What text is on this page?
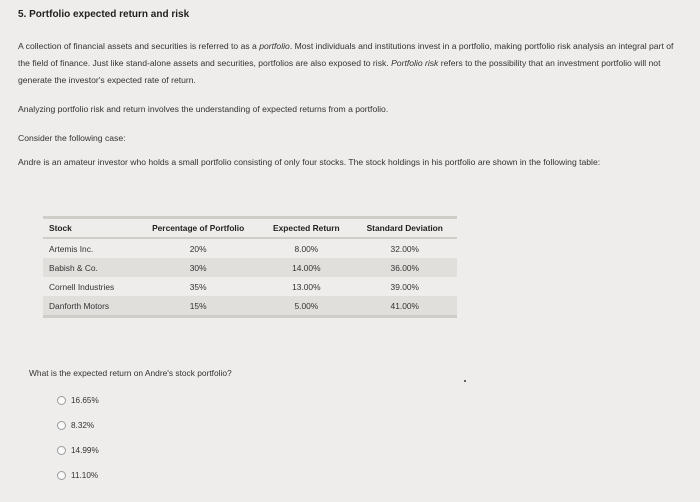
5. Portfolio expected return and risk
A collection of financial assets and securities is referred to as a portfolio. Most individuals and institutions invest in a portfolio, making portfolio risk analysis an integral part of the field of finance. Just like stand-alone assets and securities, portfolios are also exposed to risk. Portfolio risk refers to the possibility that an investment portfolio will not generate the investor's expected rate of return.
Analyzing portfolio risk and return involves the understanding of expected returns from a portfolio.
Consider the following case:
Andre is an amateur investor who holds a small portfolio consisting of only four stocks. The stock holdings in his portfolio are shown in the following table:
Stock	Percentage of Portfolio	Expected Return	Standard Deviation
Artemis Inc.	20%	8.00%	32.00%
Babish & Co.	30%	14.00%	36.00%
Cornell Industries	35%	13.00%	39.00%
Danforth Motors	15%	5.00%	41.00%
What is the expected return on Andre's stock portfolio?
16.65%
8.32%
14.99%
11.10%
